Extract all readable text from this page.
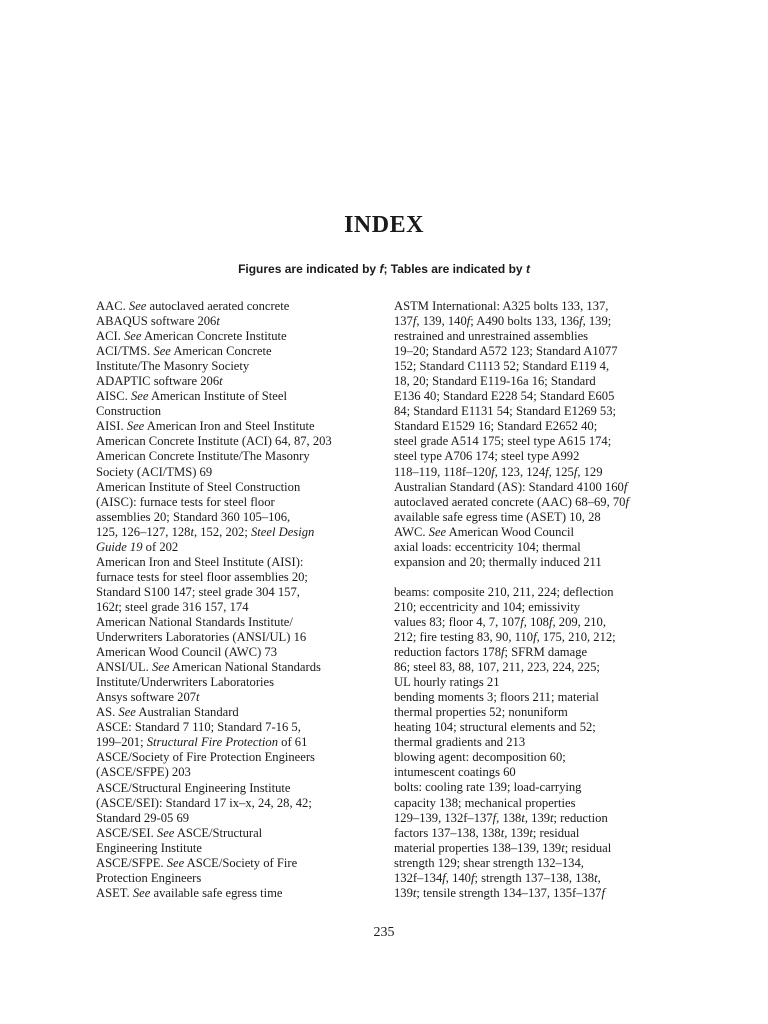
INDEX
Figures are indicated by f; Tables are indicated by t
AAC. See autoclaved aerated concrete
ABAQUS software 206t
ACI. See American Concrete Institute
ACI/TMS. See American Concrete
Institute/The Masonry Society
ADAPTIC software 206t
AISC. See American Institute of Steel
Construction
AISI. See American Iron and Steel Institute
American Concrete Institute (ACI) 64, 87, 203
American Concrete Institute/The Masonry
Society (ACI/TMS) 69
American Institute of Steel Construction
(AISC): furnace tests for steel floor
assemblies 20; Standard 360 105–106,
125, 126–127, 128t, 152, 202; Steel Design
Guide 19 of 202
American Iron and Steel Institute (AISI):
furnace tests for steel floor assemblies 20;
Standard S100 147; steel grade 304 157,
162t; steel grade 316 157, 174
American National Standards Institute/
Underwriters Laboratories (ANSI/UL) 16
American Wood Council (AWC) 73
ANSI/UL. See American National Standards
Institute/Underwriters Laboratories
Ansys software 207t
AS. See Australian Standard
ASCE: Standard 7 110; Standard 7-16 5,
199–201; Structural Fire Protection of 61
ASCE/Society of Fire Protection Engineers
(ASCE/SFPE) 203
ASCE/Structural Engineering Institute
(ASCE/SEI): Standard 17 ix–x, 24, 28, 42;
Standard 29-05 69
ASCE/SEI. See ASCE/Structural
Engineering Institute
ASCE/SFPE. See ASCE/Society of Fire
Protection Engineers
ASET. See available safe egress time
ASTM International: A325 bolts 133, 137,
137f, 139, 140f; A490 bolts 133, 136f, 139;
restrained and unrestrained assemblies
19–20; Standard A572 123; Standard A1077
152; Standard C1113 52; Standard E119 4,
18, 20; Standard E119-16a 16; Standard
E136 40; Standard E228 54; Standard E605
84; Standard E1131 54; Standard E1269 53;
Standard E1529 16; Standard E2652 40;
steel grade A514 175; steel type A615 174;
steel type A706 174; steel type A992
118–119, 118f–120f, 123, 124f, 125f, 129
Australian Standard (AS): Standard 4100 160f
autoclaved aerated concrete (AAC) 68–69, 70f
available safe egress time (ASET) 10, 28
AWC. See American Wood Council
axial loads: eccentricity 104; thermal
expansion and 20; thermally induced 211
beams: composite 210, 211, 224; deflection
210; eccentricity and 104; emissivity
values 83; floor 4, 7, 107f, 108f, 209, 210,
212; fire testing 83, 90, 110f, 175, 210, 212;
reduction factors 178f; SFRM damage
86; steel 83, 88, 107, 211, 223, 224, 225;
UL hourly ratings 21
bending moments 3; floors 211; material
thermal properties 52; nonuniform
heating 104; structural elements and 52;
thermal gradients and 213
blowing agent: decomposition 60;
intumescent coatings 60
bolts: cooling rate 139; load-carrying
capacity 138; mechanical properties
129–139, 132f–137f, 138t, 139t; reduction
factors 137–138, 138t, 139t; residual
material properties 138–139, 139t; residual
strength 129; shear strength 132–134,
132f–134f, 140f; strength 137–138, 138t,
139t; tensile strength 134–137, 135f–137f
235
